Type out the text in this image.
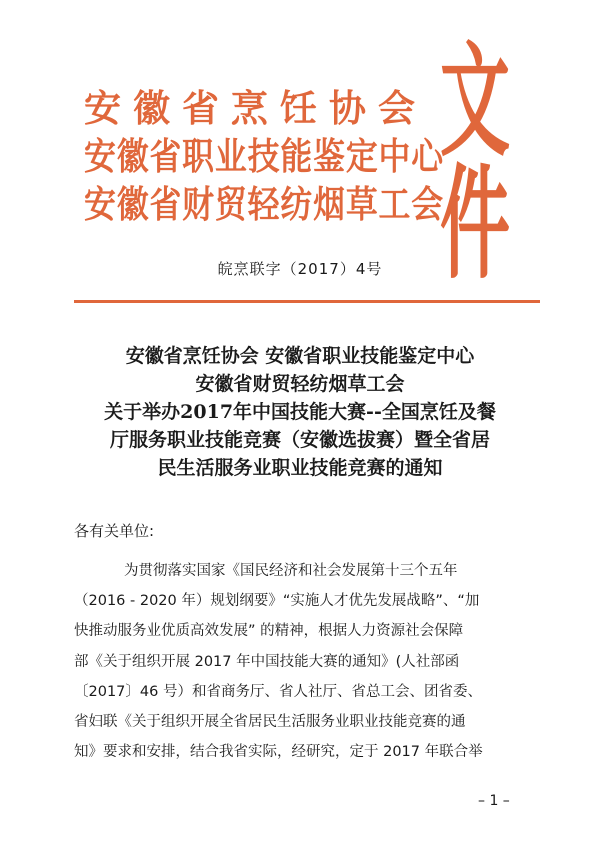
安徽省烹饪协会
安徽省职业技能鉴定中心
安徽省财贸轻纺烟草工会
文件
皖烹联字（2017）4号
安徽省烹饪协会 安徽省职业技能鉴定中心
安徽省财贸轻纺烟草工会
关于举办2017年中国技能大赛--全国烹饪及餐
厅服务职业技能竞赛（安徽选拔赛）暨全省居
民生活服务业职业技能竞赛的通知
各有关单位:
为贯彻落实国家《国民经济和社会发展第十三个五年
（2016 - 2020 年）规划纲要》“实施人才优先发展战略”、“加
快推动服务业优质高效发展” 的精神，根据人力资源社会保障
部《关于组织开展 2017 年中国技能大赛的通知》(人社部函
〔2017〕46 号）和省商务厅、省人社厅、省总工会、团省委、
省妇联《关于组织开展全省居民生活服务业职业技能竞赛的通
知》要求和安排，结合我省实际，经研究，定于 2017 年联合举
– 1 –
